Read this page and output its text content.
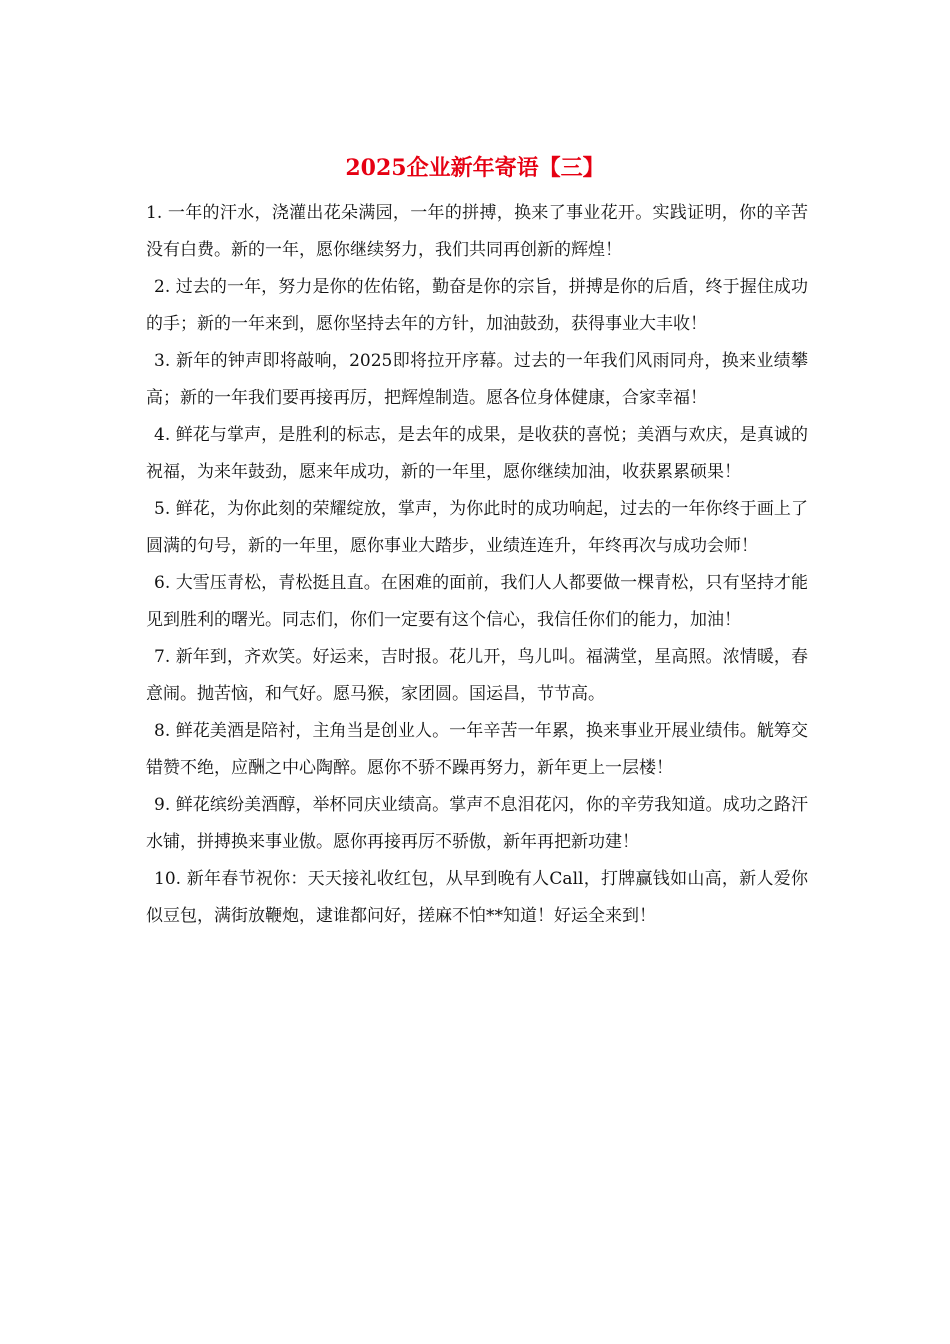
2025企业新年寄语【三】

1. 一年的汗水，浇灌出花朵满园，一年的拼搏，换来了事业花开。实践证明，你的辛苦没有白费。新的一年，愿你继续努力，我们共同再创新的辉煌！

2. 过去的一年，努力是你的佐佑铭，勤奋是你的宗旨，拼搏是你的后盾，终于握住成功的手；新的一年来到，愿你坚持去年的方针，加油鼓劲，获得事业大丰收！

3. 新年的钟声即将敲响，2025即将拉开序幕。过去的一年我们风雨同舟，换来业绩攀高；新的一年我们要再接再厉，把辉煌制造。愿各位身体健康，合家幸福！

4. 鲜花与掌声，是胜利的标志，是去年的成果，是收获的喜悦；美酒与欢庆，是真诚的祝福，为来年鼓劲，愿来年成功，新的一年里，愿你继续加油，收获累累硕果！

5. 鲜花，为你此刻的荣耀绽放，掌声，为你此时的成功响起，过去的一年你终于画上了圆满的句号，新的一年里，愿你事业大踏步，业绩连连升，年终再次与成功会师！

6. 大雪压青松，青松挺且直。在困难的面前，我们人人都要做一棵青松，只有坚持才能见到胜利的曙光。同志们，你们一定要有这个信心，我信任你们的能力，加油！

7. 新年到，齐欢笑。好运来，吉时报。花儿开，鸟儿叫。福满堂，星高照。浓情暖，春意闹。抛苦恼，和气好。愿马猴，家团圆。国运昌，节节高。

8. 鲜花美酒是陪衬，主角当是创业人。一年辛苦一年累，换来事业开展业绩伟。觥筹交错赞不绝，应酬之中心陶醉。愿你不骄不躁再努力，新年更上一层楼！

9. 鲜花缤纷美酒醇，举杯同庆业绩高。掌声不息泪花闪，你的辛劳我知道。成功之路汗水铺，拼搏换来事业傲。愿你再接再厉不骄傲，新年再把新功建！

10. 新年春节祝你：天天接礼收红包，从早到晚有人Call，打牌赢钱如山高，新人爱你似豆包，满街放鞭炮，逮谁都问好，搓麻不怕**知道！好运全来到！
